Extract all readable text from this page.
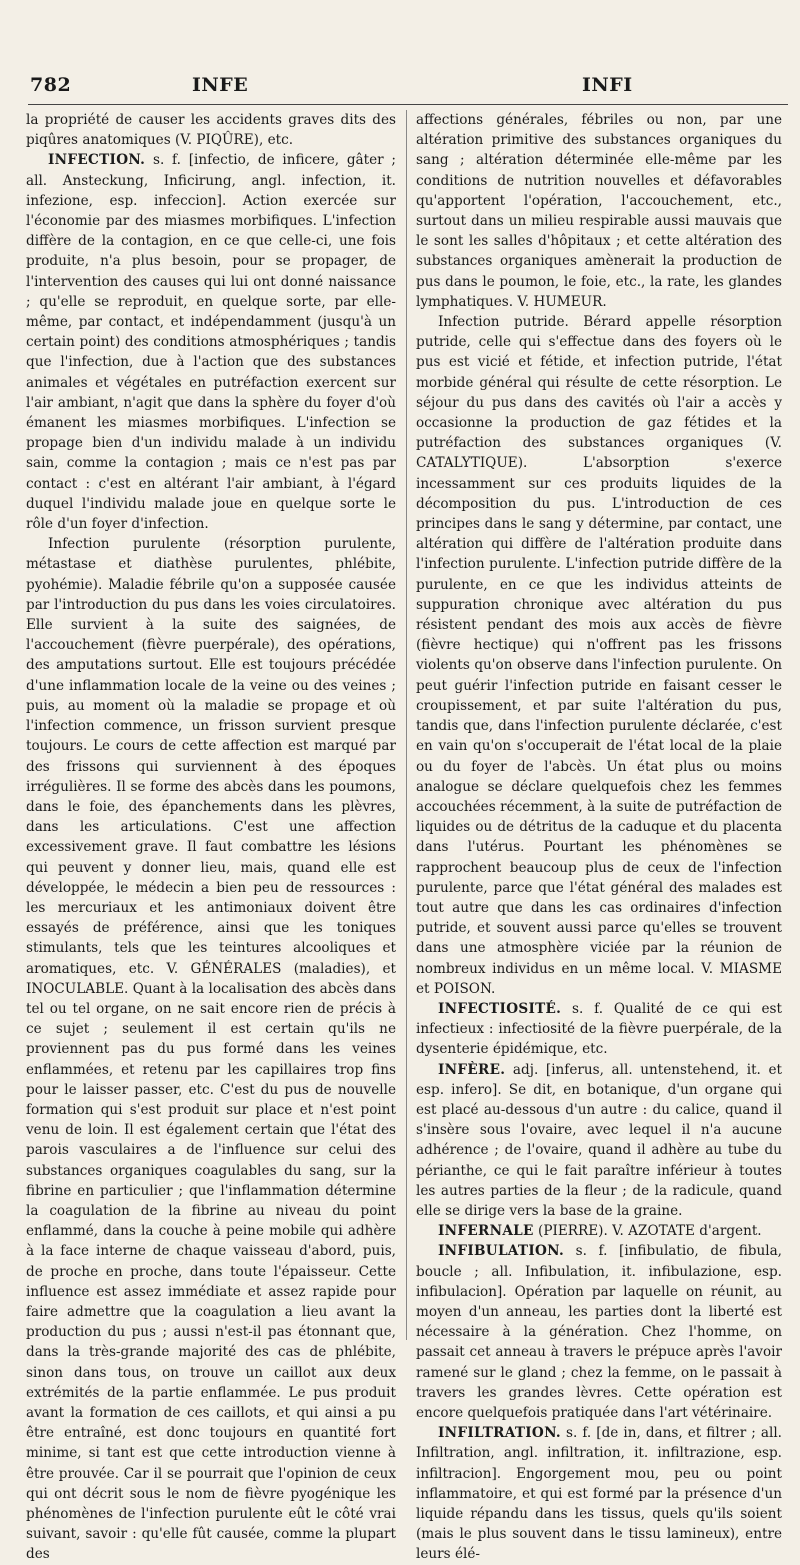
782	INFE	INFI

la propriété de causer les accidents graves dits des piqûres anatomiques (V. PIQÛRE), etc.

INFECTION. s. f. [infectio, de inficere, gâter ; all. Ansteckung, Inficirung, angl. infection, it. infezione, esp. infeccion]. Action exercée sur l'économie par des miasmes morbifiques. L'infection diffère de la contagion, en ce que celle-ci, une fois produite, n'a plus besoin, pour se propager, de l'intervention des causes qui lui ont donné naissance ; qu'elle se reproduit, en quelque sorte, par elle-même, par contact, et indépendamment (jusqu'à un certain point) des conditions atmosphériques ; tandis que l'infection, due à l'action que des substances animales et végétales en putréfaction exercent sur l'air ambiant, n'agit que dans la sphère du foyer d'où émanent les miasmes morbifiques. L'infection se propage bien d'un individu malade à un individu sain, comme la contagion ; mais ce n'est pas par contact : c'est en altérant l'air ambiant, à l'égard duquel l'individu malade joue en quelque sorte le rôle d'un foyer d'infection.

Infection purulente (résorption purulente, métastase et diathèse purulentes, phlébite, pyohémie). Maladie fébrile qu'on a supposée causée par l'introduction du pus dans les voies circulatoires. Elle survient à la suite des saignées, de l'accouchement (fièvre puerpérale), des opérations, des amputations surtout. Elle est toujours précédée d'une inflammation locale de la veine ou des veines ; puis, au moment où la maladie se propage et où l'infection commence, un frisson survient presque toujours. Le cours de cette affection est marqué par des frissons qui surviennent à des époques irrégulières. Il se forme des abcès dans les poumons, dans le foie, des épanchements dans les plèvres, dans les articulations. C'est une affection excessivement grave. Il faut combattre les lésions qui peuvent y donner lieu, mais, quand elle est développée, le médecin a bien peu de ressources : les mercuriaux et les antimoniaux doivent être essayés de préférence, ainsi que les toniques stimulants, tels que les teintures alcooliques et aromatiques, etc. V. GÉNÉRALES (maladies), et INOCULABLE. Quant à la localisation des abcès dans tel ou tel organe, on ne sait encore rien de précis à ce sujet ; seulement il est certain qu'ils ne proviennent pas du pus formé dans les veines enflammées, et retenu par les capillaires trop fins pour le laisser passer, etc. C'est du pus de nouvelle formation qui s'est produit sur place et n'est point venu de loin. Il est également certain que l'état des parois vasculaires a de l'influence sur celui des substances organiques coagulables du sang, sur la fibrine en particulier ; que l'inflammation détermine la coagulation de la fibrine au niveau du point enflammé, dans la couche à peine mobile qui adhère à la face interne de chaque vaisseau d'abord, puis, de proche en proche, dans toute l'épaisseur. Cette influence est assez immédiate et assez rapide pour faire admettre que la coagulation a lieu avant la production du pus ; aussi n'est-il pas étonnant que, dans la très-grande majorité des cas de phlébite, sinon dans tous, on trouve un caillot aux deux extrémités de la partie enflammée. Le pus produit avant la formation de ces caillots, et qui ainsi a pu être entraîné, est donc toujours en quantité fort minime, si tant est que cette introduction vienne à être prouvée. Car il se pourrait que l'opinion de ceux qui ont décrit sous le nom de fièvre pyogénique les phénomènes de l'infection purulente eût le côté vrai suivant, savoir : qu'elle fût causée, comme la plupart des

affections générales, fébriles ou non, par une altération primitive des substances organiques du sang ; altération déterminée elle-même par les conditions de nutrition nouvelles et défavorables qu'apportent l'opération, l'accouchement, etc., surtout dans un milieu respirable aussi mauvais que le sont les salles d'hôpitaux ; et cette altération des substances organiques amènerait la production de pus dans le poumon, le foie, etc., la rate, les glandes lymphatiques. V. HUMEUR.

Infection putride. Bérard appelle résorption putride, celle qui s'effectue dans des foyers où le pus est vicié et fétide, et infection putride, l'état morbide général qui résulte de cette résorption. Le séjour du pus dans des cavités où l'air a accès y occasionne la production de gaz fétides et la putréfaction des substances organiques (V. CATALYTIQUE). L'absorption s'exerce incessamment sur ces produits liquides de la décomposition du pus. L'introduction de ces principes dans le sang y détermine, par contact, une altération qui diffère de l'altération produite dans l'infection purulente. L'infection putride diffère de la purulente, en ce que les individus atteints de suppuration chronique avec altération du pus résistent pendant des mois aux accès de fièvre (fièvre hectique) qui n'offrent pas les frissons violents qu'on observe dans l'infection purulente. On peut guérir l'infection putride en faisant cesser le croupissement, et par suite l'altération du pus, tandis que, dans l'infection purulente déclarée, c'est en vain qu'on s'occuperait de l'état local de la plaie ou du foyer de l'abcès. Un état plus ou moins analogue se déclare quelquefois chez les femmes accouchées récemment, à la suite de putréfaction de liquides ou de détritus de la caduque et du placenta dans l'utérus. Pourtant les phénomènes se rapprochent beaucoup plus de ceux de l'infection purulente, parce que l'état général des malades est tout autre que dans les cas ordinaires d'infection putride, et souvent aussi parce qu'elles se trouvent dans une atmosphère viciée par la réunion de nombreux individus en un même local. V. MIASME et POISON.

INFECTIOSITÉ. s. f. Qualité de ce qui est infectieux : infectiosité de la fièvre puerpérale, de la dysenterie épidémique, etc.

INFÈRE. adj. [inferus, all. untenstehend, it. et esp. infero]. Se dit, en botanique, d'un organe qui est placé au-dessous d'un autre : du calice, quand il s'insère sous l'ovaire, avec lequel il n'a aucune adhérence ; de l'ovaire, quand il adhère au tube du périanthe, ce qui le fait paraître inférieur à toutes les autres parties de la fleur ; de la radicule, quand elle se dirige vers la base de la graine.

INFERNALE (PIERRE). V. AZOTATE d'argent.

INFIBULATION. s. f. [infibulatio, de fibula, boucle ; all. Infibulation, it. infibulazione, esp. infibulacion]. Opération par laquelle on réunit, au moyen d'un anneau, les parties dont la liberté est nécessaire à la génération. Chez l'homme, on passait cet anneau à travers le prépuce après l'avoir ramené sur le gland ; chez la femme, on le passait à travers les grandes lèvres. Cette opération est encore quelquefois pratiquée dans l'art vétérinaire.

INFILTRATION. s. f. [de in, dans, et filtrer ; all. Infiltration, angl. infiltration, it. infiltrazione, esp. infiltracion]. Engorgement mou, peu ou point inflammatoire, et qui est formé par la présence d'un liquide répandu dans les tissus, quels qu'ils soient (mais le plus souvent dans le tissu lamineux), entre leurs élé-
